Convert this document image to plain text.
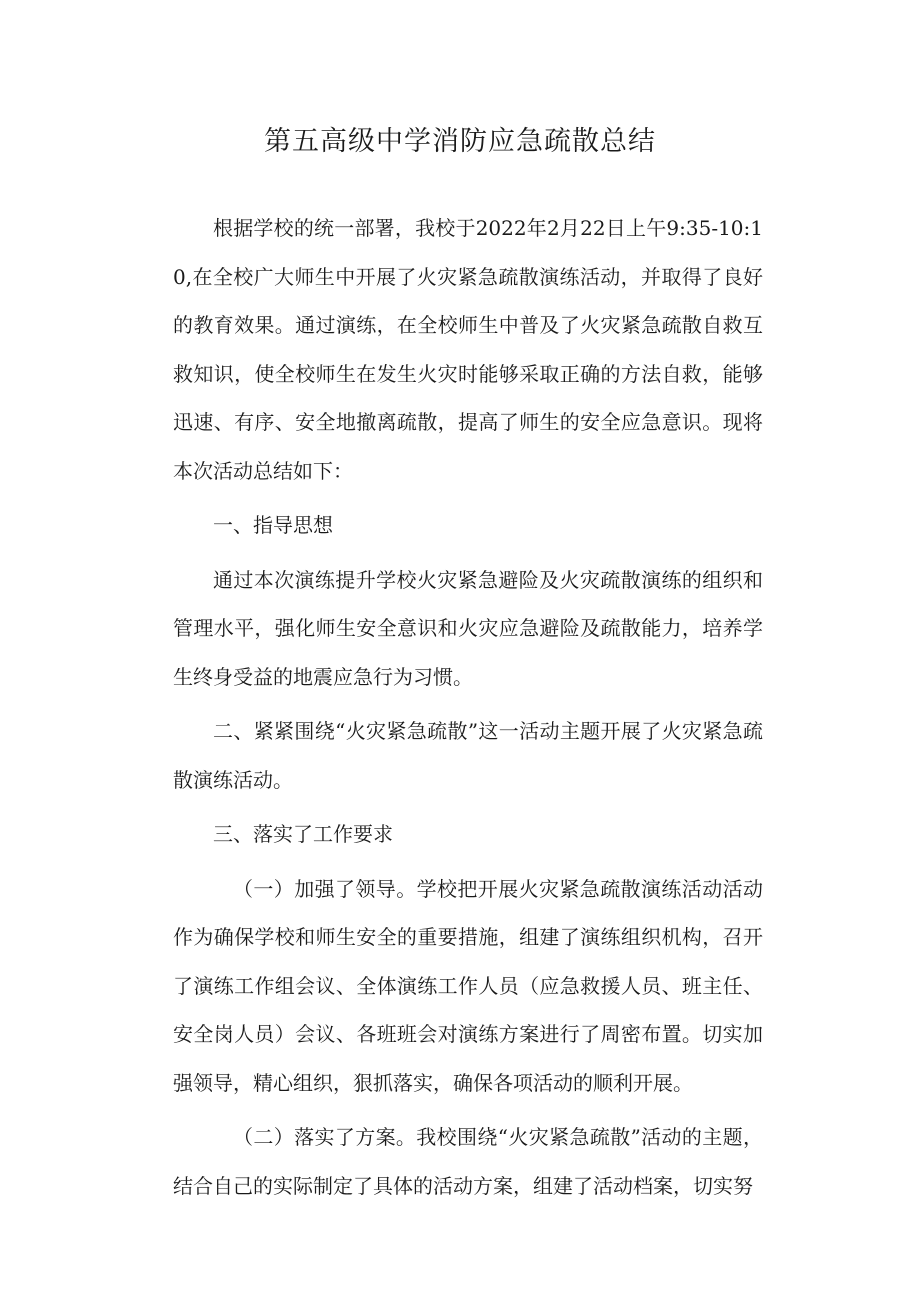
第五高级中学消防应急疏散总结

根据学校的统一部署，我校于2022年2月22日上午9:35-10:10,在全校广大师生中开展了火灾紧急疏散演练活动，并取得了良好的教育效果。通过演练，在全校师生中普及了火灾紧急疏散自救互救知识，使全校师生在发生火灾时能够采取正确的方法自救，能够迅速、有序、安全地撤离疏散，提高了师生的安全应急意识。现将本次活动总结如下：

一、指导思想

通过本次演练提升学校火灾紧急避险及火灾疏散演练的组织和管理水平，强化师生安全意识和火灾应急避险及疏散能力，培养学生终身受益的地震应急行为习惯。

二、紧紧围绕“火灾紧急疏散”这一活动主题开展了火灾紧急疏散演练活动。

三、落实了工作要求

（一）加强了领导。学校把开展火灾紧急疏散演练活动活动作为确保学校和师生安全的重要措施，组建了演练组织机构，召开了演练工作组会议、全体演练工作人员（应急救援人员、班主任、安全岗人员）会议、各班班会对演练方案进行了周密布置。切实加强领导，精心组织，狠抓落实，确保各项活动的顺利开展。

（二）落实了方案。我校围绕“火灾紧急疏散”活动的主题，结合自己的实际制定了具体的活动方案，组建了活动档案，切实努
